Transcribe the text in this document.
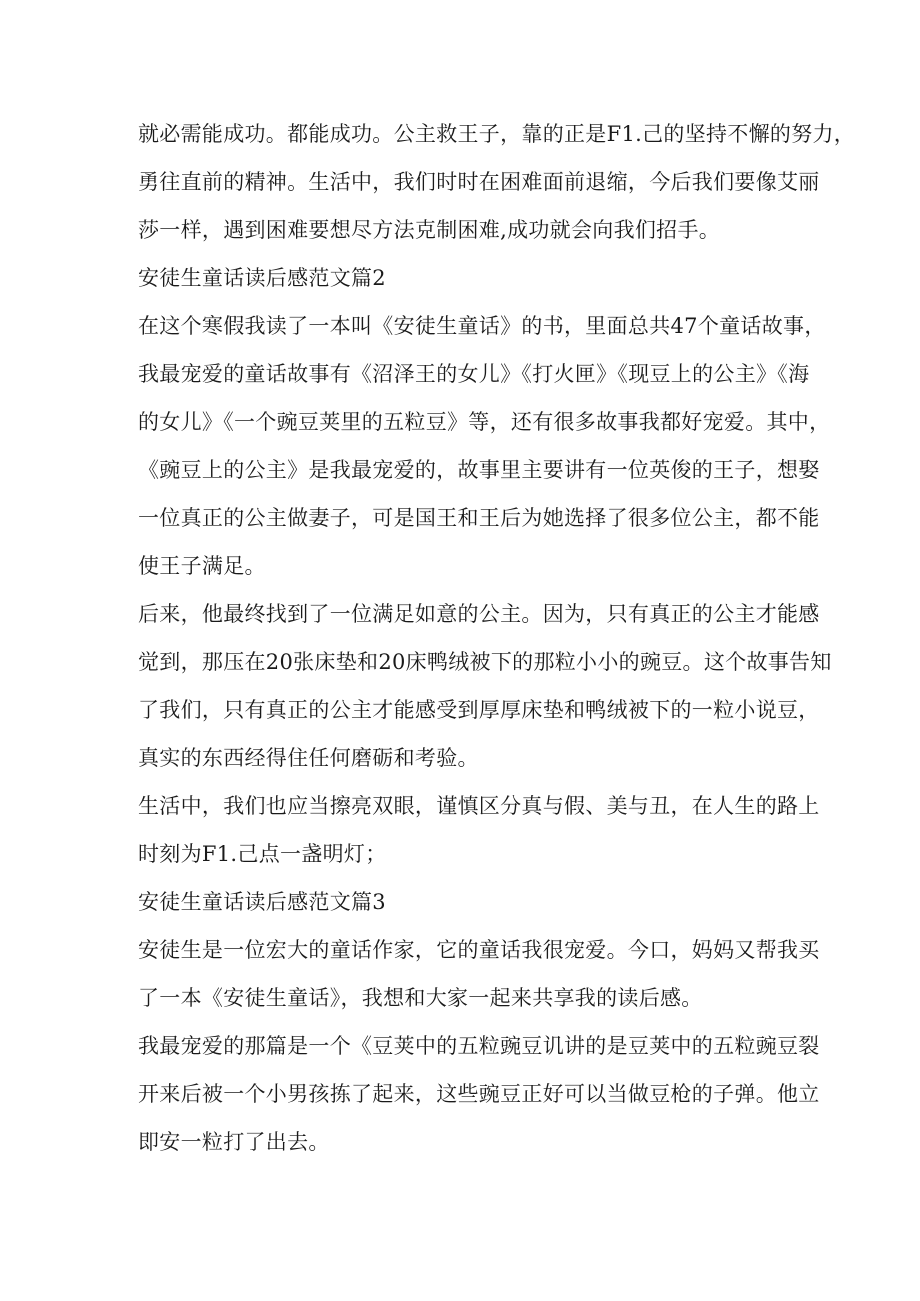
就必需能成功。都能成功。公主救王子，靠的正是F1.己的坚持不懈的努力，
勇往直前的精神。生活中，我们时时在困难面前退缩，今后我们要像艾丽
莎一样，遇到困难要想尽方法克制困难,成功就会向我们招手。
安徒生童话读后感范文篇2
在这个寒假我读了一本叫《安徒生童话》的书，里面总共47个童话故事，
我最宠爱的童话故事有《沼泽王的女儿》《打火匣》《现豆上的公主》《海
的女儿》《一个豌豆荚里的五粒豆》等，还有很多故事我都好宠爱。其中，
《豌豆上的公主》是我最宠爱的，故事里主要讲有一位英俊的王子，想娶
一位真正的公主做妻子，可是国王和王后为她选择了很多位公主，都不能
使王子满足。
后来，他最终找到了一位满足如意的公主。因为，只有真正的公主才能感
觉到，那压在20张床垫和20床鸭绒被下的那粒小小的豌豆。这个故事告知
了我们，只有真正的公主才能感受到厚厚床垫和鸭绒被下的一粒小说豆，
真实的东西经得住任何磨砺和考验。
生活中，我们也应当擦亮双眼，谨慎区分真与假、美与丑，在人生的路上
时刻为F1.己点一盏明灯；
安徒生童话读后感范文篇3
安徒生是一位宏大的童话作家，它的童话我很宠爱。今口，妈妈又帮我买
了一本《安徒生童话》，我想和大家一起来共享我的读后感。
我最宠爱的那篇是一个《豆荚中的五粒豌豆讥讲的是豆荚中的五粒豌豆裂
开来后被一个小男孩拣了起来，这些豌豆正好可以当做豆枪的子弹。他立
即安一粒打了出去。
